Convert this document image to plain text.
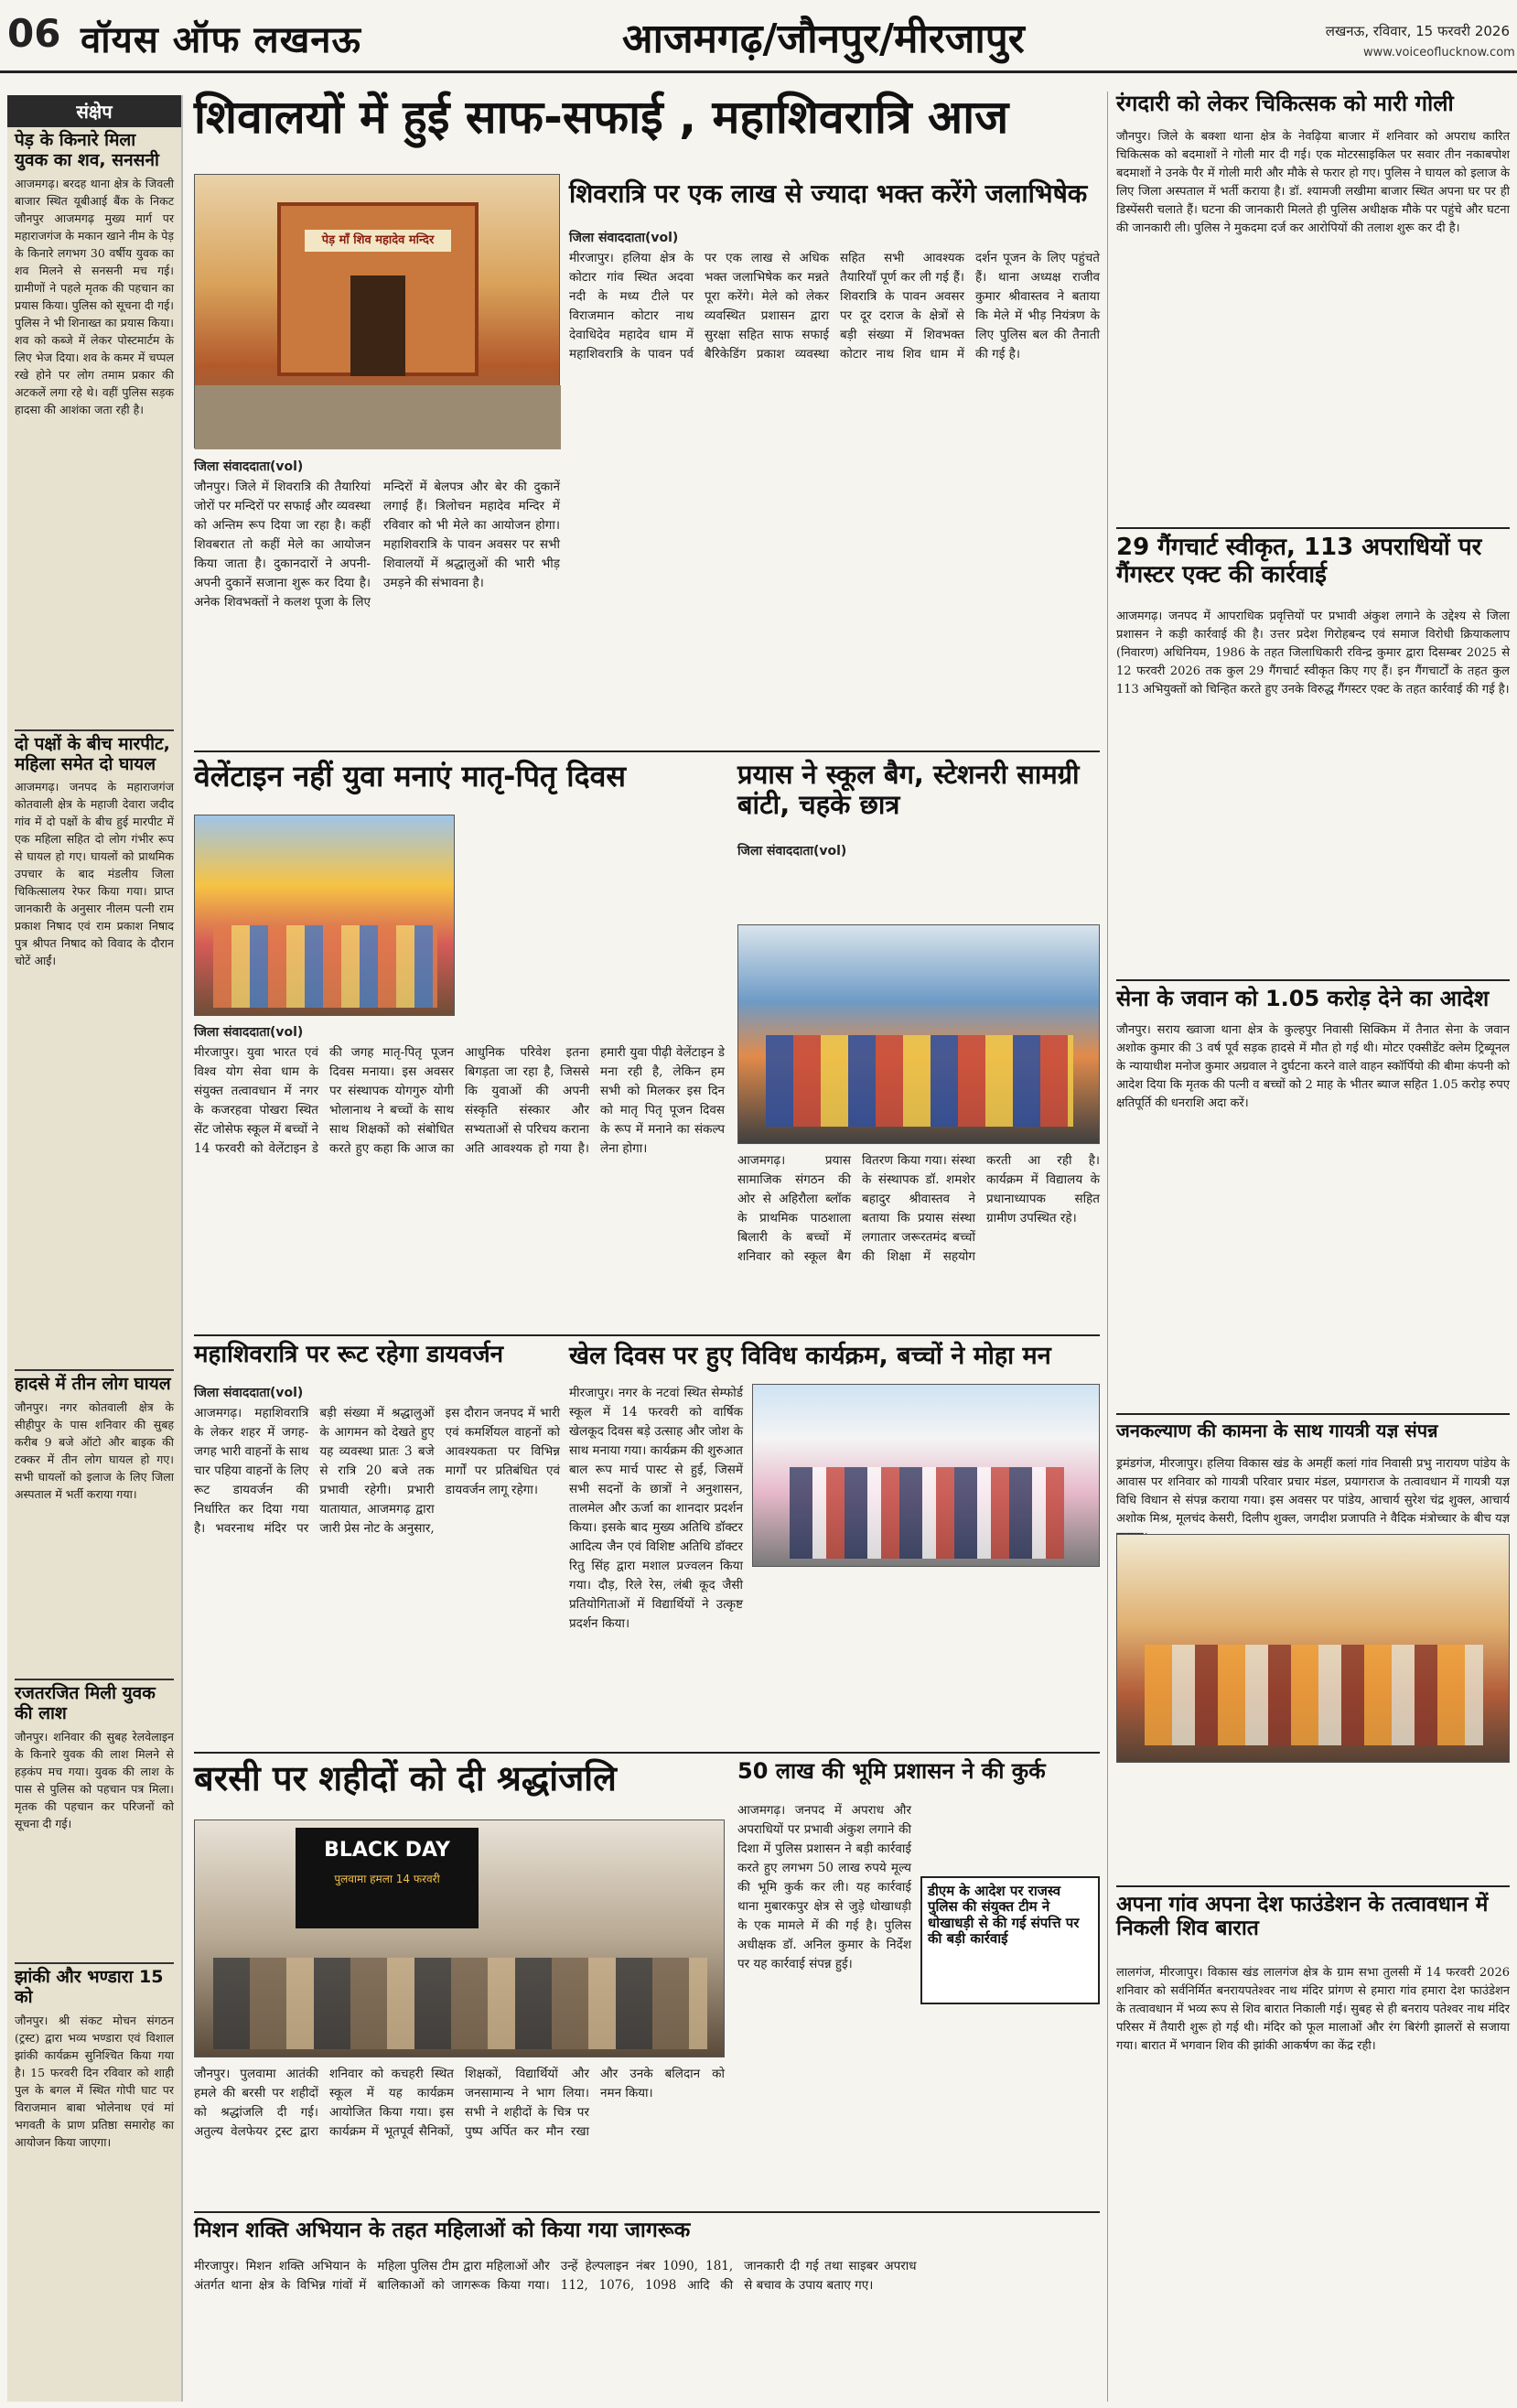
06 वॉयस ऑफ लखनऊ	आजमगढ़/जौनपुर/मीरजापुर	लखनऊ, रविवार, 15 फरवरी 2026
www.voiceoflucknow.com
संक्षेप
पेड़ के किनारे मिला युवक का शव, सनसनी
आजमगढ़। बरदह थाना क्षेत्र के जिवली बाजार स्थित यूबीआई बैंक के निकट जौनपुर आजमगढ़ मुख्य मार्ग पर महाराजगंज के मकान खाने नीम के पेड़ के किनारे लगभग 30 वर्षीय युवक का शव मिलने से सनसनी मच गई। ग्रामीणों ने पहले मृतक की पहचान का प्रयास किया। पुलिस को सूचना दी गई। पुलिस ने भी शिनाख्त का प्रयास किया। शव को कब्जे में लेकर पोस्टमार्टम के लिए भेज दिया। शव के कमर में चप्पल रखे होने पर लोग तमाम प्रकार की अटकलें लगा रहे थे। वहीं पुलिस सड़क हादसा की आशंका जता रही है।
दो पक्षों के बीच मारपीट, महिला समेत दो घायल
आजमगढ़। जनपद के महाराजगंज कोतवाली क्षेत्र के महाजी देवारा जदीद गांव में दो पक्षों के बीच हुई मारपीट में एक महिला सहित दो लोग गंभीर रूप से घायल हो गए। घायलों को प्राथमिक उपचार के बाद मंडलीय जिला चिकित्सालय रेफर किया गया। प्राप्त जानकारी के अनुसार नीलम पत्नी राम प्रकाश निषाद एवं राम प्रकाश निषाद पुत्र श्रीपत निषाद को विवाद के दौरान चोटें आईं।
हादसे में तीन लोग घायल
जौनपुर। नगर कोतवाली क्षेत्र के सीहीपुर के पास शनिवार की सुबह करीब 9 बजे ऑटो और बाइक की टक्कर में तीन लोग घायल हो गए। सभी घायलों को इलाज के लिए जिला अस्पताल में भर्ती कराया गया।
रजतरजित मिली युवक की लाश
जौनपुर। शनिवार की सुबह रेलवेलाइन के किनारे युवक की लाश मिलने से हड़कंप मच गया। युवक की लाश के पास से पुलिस को पहचान पत्र मिला। मृतक की पहचान कर परिजनों को सूचना दी गई।
झांकी और भण्डारा 15 को
जौनपुर। श्री संकट मोचन संगठन (ट्रस्ट) द्वारा भव्य भण्डारा एवं विशाल झांकी कार्यक्रम सुनिश्चित किया गया है। 15 फरवरी दिन रविवार को शाही पुल के बगल में स्थित गोपी घाट पर विराजमान बाबा भोलेनाथ एवं मां भगवती के प्राण प्रतिष्ठा समारोह का आयोजन किया जाएगा।
शिवालयों में हुई साफ-सफाई , महाशिवरात्रि आज
पेड़ माँ शिव महादेव मन्दिर
जिला संवाददाता(vol)
जौनपुर। जिले में शिवरात्रि की तैयारियां जोरों पर मन्दिरों पर सफाई और व्यवस्था को अन्तिम रूप दिया जा रहा है। कहीं शिवबरात तो कहीं मेले का आयोजन किया जाता है। दुकानदारों ने अपनी-अपनी दुकानें सजाना शुरू कर दिया है। अनेक शिवभक्तों ने कलश पूजा के लिए मन्दिरों में बेलपत्र और बेर की दुकानें लगाई हैं। त्रिलोचन महादेव मन्दिर में रविवार को भी मेले का आयोजन होगा। महाशिवरात्रि के पावन अवसर पर सभी शिवालयों में श्रद्धालुओं की भारी भीड़ उमड़ने की संभावना है।
शिवरात्रि पर एक लाख से ज्यादा भक्त करेंगे जलाभिषेक
जिला संवाददाता(vol)
मीरजापुर। हलिया क्षेत्र के कोटार गांव स्थित अदवा नदी के मध्य टीले पर विराजमान कोटार नाथ देवाधिदेव महादेव धाम में महाशिवरात्रि के पावन पर्व पर एक लाख से अधिक भक्त जलाभिषेक कर मन्नते पूरा करेंगे। मेले को लेकर व्यवस्थित प्रशासन द्वारा सुरक्षा सहित साफ सफाई बैरिकेडिंग प्रकाश व्यवस्था सहित सभी आवश्यक तैयारियाँ पूर्ण कर ली गई हैं। शिवरात्रि के पावन अवसर पर दूर दराज के क्षेत्रों से बड़ी संख्या में शिवभक्त कोटार नाथ शिव धाम में दर्शन पूजन के लिए पहुंचते हैं। थाना अध्यक्ष राजीव कुमार श्रीवास्तव ने बताया कि मेले में भीड़ नियंत्रण के लिए पुलिस बल की तैनाती की गई है।
वेलेंटाइन नहीं युवा मनाएं मातृ-पितृ दिवस
जिला संवाददाता(vol)
मीरजापुर। युवा भारत एवं विश्व योग सेवा धाम के संयुक्त तत्वावधान में नगर के कजरहवा पोखरा स्थित सेंट जोसेफ स्कूल में बच्चों ने 14 फरवरी को वेलेंटाइन डे की जगह मातृ-पितृ पूजन दिवस मनाया। इस अवसर पर संस्थापक योगगुरु योगी भोलानाथ ने बच्चों के साथ साथ शिक्षकों को संबोधित करते हुए कहा कि आज का आधुनिक परिवेश इतना बिगड़ता जा रहा है, जिससे कि युवाओं की अपनी संस्कृति संस्कार और सभ्यताओं से परिचय कराना अति आवश्यक हो गया है। हमारी युवा पीढ़ी वेलेंटाइन डे मना रही है, लेकिन हम सभी को मिलकर इस दिन को मातृ पितृ पूजन दिवस के रूप में मनाने का संकल्प लेना होगा।
प्रयास ने स्कूल बैग, स्टेशनरी सामग्री बांटी, चहके छात्र
जिला संवाददाता(vol)
आजमगढ़। प्रयास सामाजिक संगठन की ओर से अहिरौला ब्लॉक के प्राथमिक पाठशाला बिलारी के बच्चों में शनिवार को स्कूल बैग वितरण किया गया। संस्था के संस्थापक डॉ. शमशेर बहादुर श्रीवास्तव ने बताया कि प्रयास संस्था लगातार जरूरतमंद बच्चों की शिक्षा में सहयोग करती आ रही है। कार्यक्रम में विद्यालय के प्रधानाध्यापक सहित ग्रामीण उपस्थित रहे।
महाशिवरात्रि पर रूट रहेगा डायवर्जन
जिला संवाददाता(vol)
आजमगढ़। महाशिवरात्रि के लेकर शहर में जगह-जगह भारी वाहनों के साथ चार पहिया वाहनों के लिए रूट डायवर्जन की निर्धारित कर दिया गया है। भवरनाथ मंदिर पर बड़ी संख्या में श्रद्धालुओं के आगमन को देखते हुए यह व्यवस्था प्रातः 3 बजे से रात्रि 20 बजे तक प्रभावी रहेगी। प्रभारी यातायात, आजमगढ़ द्वारा जारी प्रेस नोट के अनुसार, इस दौरान जनपद में भारी एवं कमर्शियल वाहनों को आवश्यकता पर विभिन्न मार्गों पर प्रतिबंधित एवं डायवर्जन लागू रहेगा।
खेल दिवस पर हुए विविध कार्यक्रम, बच्चों ने मोहा मन
मीरजापुर। नगर के नटवां स्थित सेम्फोर्ड स्कूल में 14 फरवरी को वार्षिक खेलकूद दिवस बड़े उत्साह और जोश के साथ मनाया गया। कार्यक्रम की शुरुआत बाल रूप मार्च पास्ट से हुई, जिसमें सभी सदनों के छात्रों ने अनुशासन, तालमेल और ऊर्जा का शानदार प्रदर्शन किया। इसके बाद मुख्य अतिथि डॉक्टर आदित्य जैन एवं विशिष्ट अतिथि डॉक्टर रितु सिंह द्वारा मशाल प्रज्वलन किया गया। दौड़, रिले रेस, लंबी कूद जैसी प्रतियोगिताओं में विद्यार्थियों ने उत्कृष्ट प्रदर्शन किया।
बरसी पर शहीदों को दी श्रद्धांजलि
BLACK DAY
पुलवामा हमला 14 फरवरी
जौनपुर। पुलवामा आतंकी हमले की बरसी पर शहीदों को श्रद्धांजलि दी गई। अतुल्य वेलफेयर ट्रस्ट द्वारा शनिवार को कचहरी स्थित स्कूल में यह कार्यक्रम आयोजित किया गया। इस कार्यक्रम में भूतपूर्व सैनिकों, शिक्षकों, विद्यार्थियों और जनसामान्य ने भाग लिया। सभी ने शहीदों के चित्र पर पुष्प अर्पित कर मौन रखा और उनके बलिदान को नमन किया।
50 लाख की भूमि प्रशासन ने की कुर्क
आजमगढ़। जनपद में अपराध और अपराधियों पर प्रभावी अंकुश लगाने की दिशा में पुलिस प्रशासन ने बड़ी कार्रवाई करते हुए लगभग 50 लाख रुपये मूल्य की भूमि कुर्क कर ली। यह कार्रवाई थाना मुबारकपुर क्षेत्र से जुड़े धोखाधड़ी के एक मामले में की गई है। पुलिस अधीक्षक डॉ. अनिल कुमार के निर्देश पर यह कार्रवाई संपन्न हुई।
डीएम के आदेश पर राजस्व पुलिस की संयुक्त टीम ने धोखाधड़ी से की गई संपत्ति पर की बड़ी कार्रवाई
मिशन शक्ति अभियान के तहत महिलाओं को किया गया जागरूक
मीरजापुर। मिशन शक्ति अभियान के अंतर्गत थाना क्षेत्र के विभिन्न गांवों में महिला पुलिस टीम द्वारा महिलाओं और बालिकाओं को जागरूक किया गया। उन्हें हेल्पलाइन नंबर 1090, 181, 112, 1076, 1098 आदि की जानकारी दी गई तथा साइबर अपराध से बचाव के उपाय बताए गए।
रंगदारी को लेकर चिकित्सक को मारी गोली
जौनपुर। जिले के बक्शा थाना क्षेत्र के नेवढ़िया बाजार में शनिवार को अपराध कारित चिकित्सक को बदमाशों ने गोली मार दी गई। एक मोटरसाइकिल पर सवार तीन नकाबपोश बदमाशों ने उनके पैर में गोली मारी और मौके से फरार हो गए। पुलिस ने घायल को इलाज के लिए जिला अस्पताल में भर्ती कराया है। डॉ. श्यामजी लखीमा बाजार स्थित अपना घर पर ही डिस्पेंसरी चलाते हैं। घटना की जानकारी मिलते ही पुलिस अधीक्षक मौके पर पहुंचे और घटना की जानकारी ली। पुलिस ने मुकदमा दर्ज कर आरोपियों की तलाश शुरू कर दी है।
29 गैंगचार्ट स्वीकृत, 113 अपराधियों पर गैंगस्टर एक्ट की कार्रवाई
आजमगढ़। जनपद में आपराधिक प्रवृत्तियों पर प्रभावी अंकुश लगाने के उद्देश्य से जिला प्रशासन ने कड़ी कार्रवाई की है। उत्तर प्रदेश गिरोहबन्द एवं समाज विरोधी क्रियाकलाप (निवारण) अधिनियम, 1986 के तहत जिलाधिकारी रविन्द्र कुमार द्वारा दिसम्बर 2025 से 12 फरवरी 2026 तक कुल 29 गैंगचार्ट स्वीकृत किए गए हैं। इन गैंगचार्टों के तहत कुल 113 अभियुक्तों को चिन्हित करते हुए उनके विरुद्ध गैंगस्टर एक्ट के तहत कार्रवाई की गई है।
सेना के जवान को 1.05 करोड़ देने का आदेश
जौनपुर। सराय ख्वाजा थाना क्षेत्र के कुल्हपुर निवासी सिक्किम में तैनात सेना के जवान अशोक कुमार की 3 वर्ष पूर्व सड़क हादसे में मौत हो गई थी। मोटर एक्सीडेंट क्लेम ट्रिब्यूनल के न्यायाधीश मनोज कुमार अग्रवाल ने दुर्घटना करने वाले वाहन स्कॉर्पियो की बीमा कंपनी को आदेश दिया कि मृतक की पत्नी व बच्चों को 2 माह के भीतर ब्याज सहित 1.05 करोड़ रुपए क्षतिपूर्ति की धनराशि अदा करें।
जनकल्याण की कामना के साथ गायत्री यज्ञ संपन्न
ड्रमंडगंज, मीरजापुर। हलिया विकास खंड के अमहीं कलां गांव निवासी प्रभु नारायण पांडेय के आवास पर शनिवार को गायत्री परिवार प्रचार मंडल, प्रयागराज के तत्वावधान में गायत्री यज्ञ विधि विधान से संपन्न कराया गया। इस अवसर पर पांडेय, आचार्य सुरेश चंद्र शुक्ल, आचार्य अशोक मिश्र, मूलचंद केसरी, दिलीप शुक्ल, जगदीश प्रजापति ने वैदिक मंत्रोच्चार के बीच यज्ञ
अपना गांव अपना देश फाउंडेशन के तत्वावधान में निकली शिव बारात
लालगंज, मीरजापुर। विकास खंड लालगंज क्षेत्र के ग्राम सभा तुलसी में 14 फरवरी 2026 शनिवार को सर्वनिर्मित बनरायपतेश्वर नाथ मंदिर प्रांगण से हमारा गांव हमारा देश फाउंडेशन के तत्वावधान में भव्य रूप से शिव बारात निकाली गई। सुबह से ही बनराय पतेश्वर नाथ मंदिर परिसर में तैयारी शुरू हो गई थी। मंदिर को फूल मालाओं और रंग बिरंगी झालरों से सजाया गया। बारात में भगवान शिव की झांकी आकर्षण का केंद्र रही।
